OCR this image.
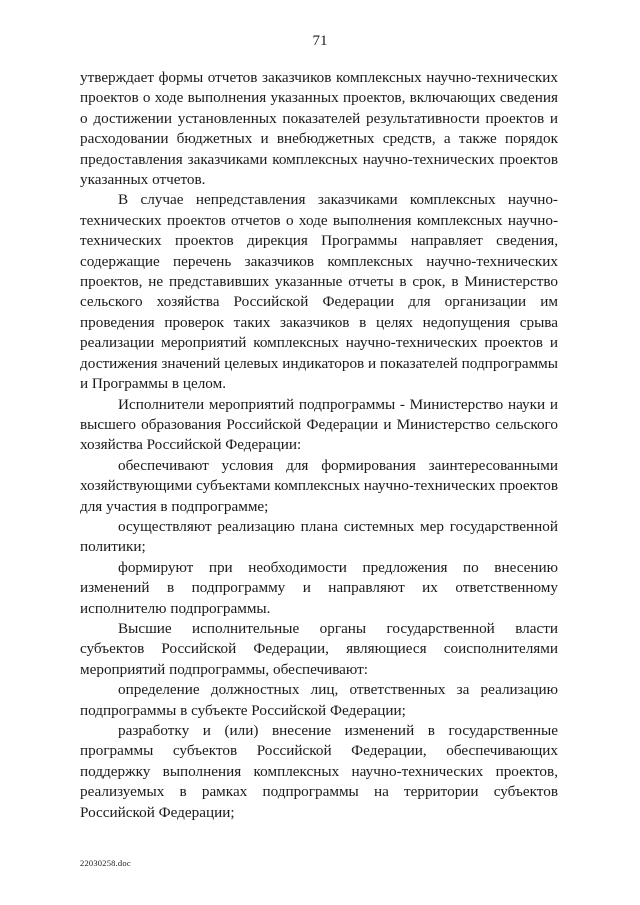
71

утверждает формы отчетов заказчиков комплексных научно-технических проектов о ходе выполнения указанных проектов, включающих сведения о достижении установленных показателей результативности проектов и расходовании бюджетных и внебюджетных средств, а также порядок предоставления заказчиками комплексных научно-технических проектов указанных отчетов.

В случае непредставления заказчиками комплексных научно-технических проектов отчетов о ходе выполнения комплексных научно-технических проектов дирекция Программы направляет сведения, содержащие перечень заказчиков комплексных научно-технических проектов, не представивших указанные отчеты в срок, в Министерство сельского хозяйства Российской Федерации для организации им проведения проверок таких заказчиков в целях недопущения срыва реализации мероприятий комплексных научно-технических проектов и достижения значений целевых индикаторов и показателей подпрограммы и Программы в целом.

Исполнители мероприятий подпрограммы - Министерство науки и высшего образования Российской Федерации и Министерство сельского хозяйства Российской Федерации:

обеспечивают условия для формирования заинтересованными хозяйствующими субъектами комплексных научно-технических проектов для участия в подпрограмме;

осуществляют реализацию плана системных мер государственной политики;

формируют при необходимости предложения по внесению изменений в подпрограмму и направляют их ответственному исполнителю подпрограммы.

Высшие исполнительные органы государственной власти субъектов Российской Федерации, являющиеся соисполнителями мероприятий подпрограммы, обеспечивают:

определение должностных лиц, ответственных за реализацию подпрограммы в субъекте Российской Федерации;

разработку и (или) внесение изменений в государственные программы субъектов Российской Федерации, обеспечивающих поддержку выполнения комплексных научно-технических проектов, реализуемых в рамках подпрограммы на территории субъектов Российской Федерации;

22030258.doc
